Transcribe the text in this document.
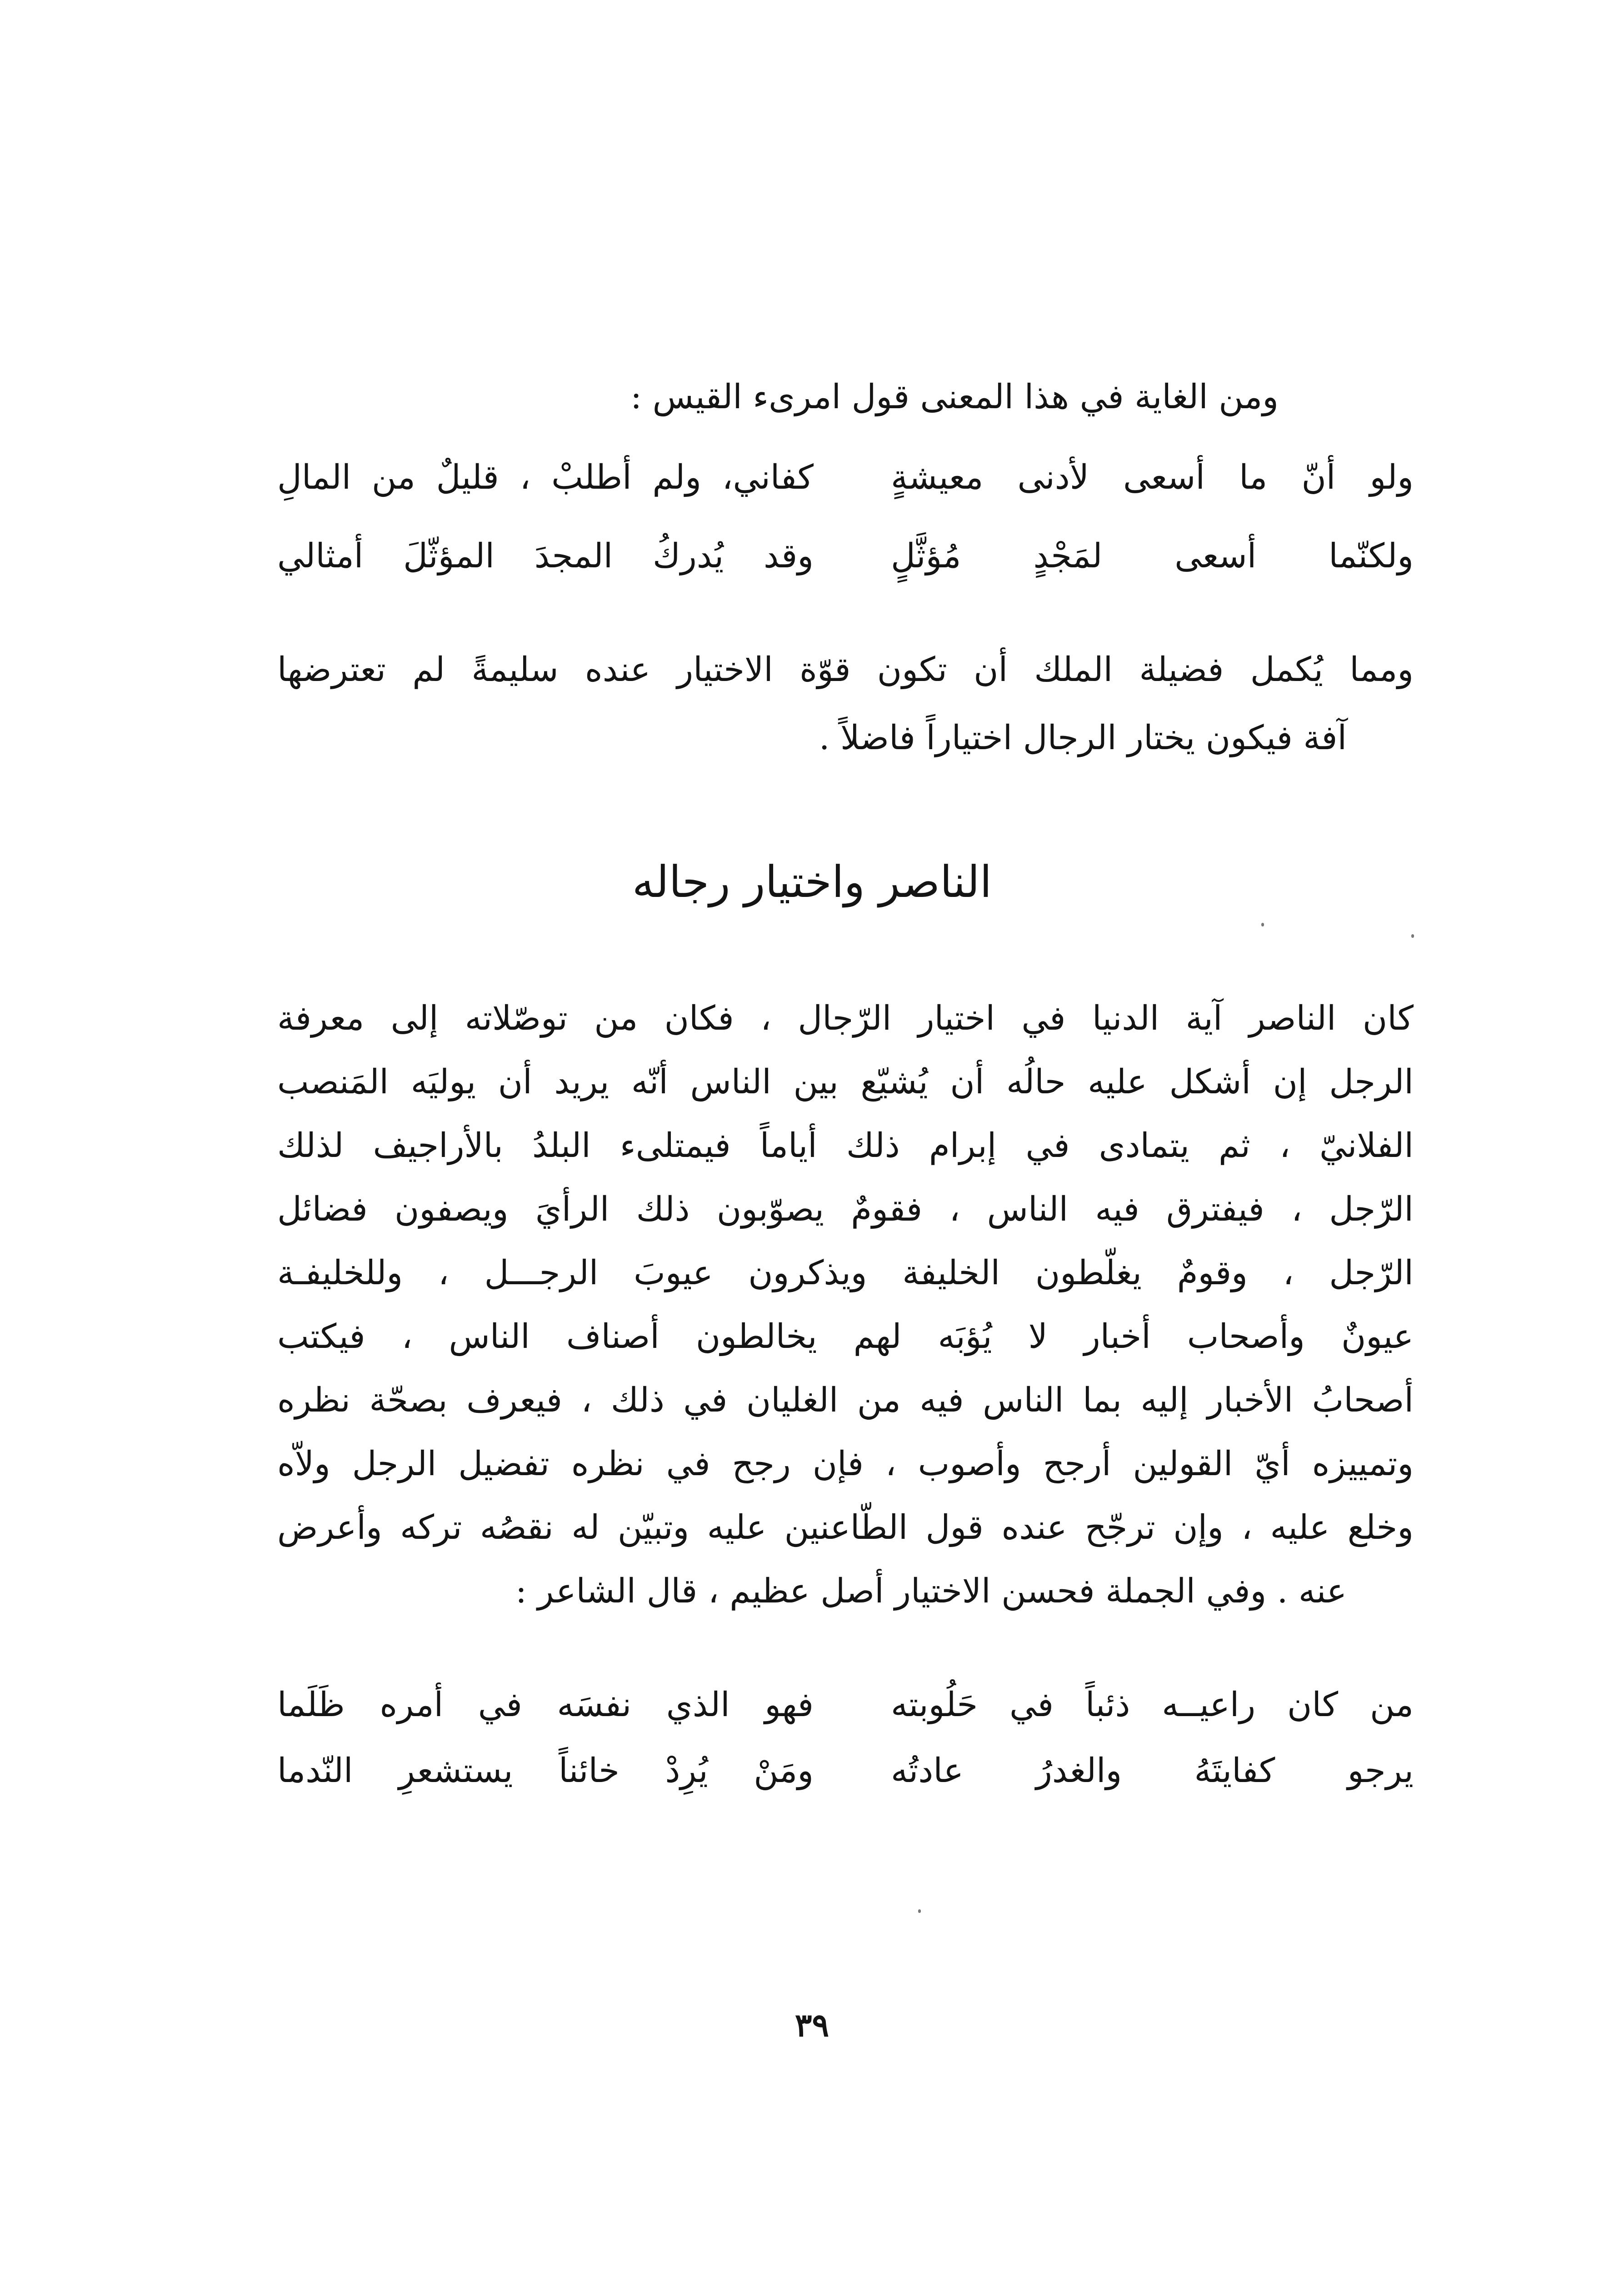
ومن الغاية في هذا المعنى قول امرىء القيس :

ولو أنّ ما أسعى لأدنى معيشةٍ
كفاني، ولم أطلبْ ، قليلٌ من المالِ
ولكنّما أسعى لمَجْدٍ مُؤثَّلٍ
وقد يُدركُ المجدَ المؤثّلَ أمثالي

ومما يُكمل فضيلة الملك أن تكون قوّة الاختيار عنده سليمةً لم تعترضها

آفة فيكون يختار الرجال اختياراً فاضلاً .

الناصر واختيار رجاله

كان الناصر آية الدنيا في اختيار الرّجال ، فكان من توصّلاته إلى معرفة

الرجل إن أشكل عليه حالُه أن يُشيّع بين الناس أنّه يريد أن يوليَه المَنصب

الفلانيّ ، ثم يتمادى في إبرام ذلك أياماً فيمتلىء البلدُ بالأراجيف لذلك

الرّجل ، فيفترق فيه الناس ، فقومٌ يصوّبون ذلك الرأيَ ويصفون فضائل

الرّجل ، وقومٌ يغلّطون الخليفة ويذكرون عيوبَ الرجـــل ، وللخليفـة

عيونٌ وأصحاب أخبار لا يُؤبَه لهم يخالطون أصناف الناس ، فيكتب

أصحابُ الأخبار إليه بما الناس فيه من الغليان في ذلك ، فيعرف بصحّة نظره

وتمييزه أيّ القولين أرجح وأصوب ، فإن رجح في نظره تفضيل الرجل ولاّه

وخلع عليه ، وإن ترجّح عنده قول الطّاعنين عليه وتبيّن له نقصُه تركه وأعرض

عنه . وفي الجملة فحسن الاختيار أصل عظيم ، قال الشاعر :

من كان راعيــه ذئباً في حَلُوبته
فهو الذي نفسَه في أمره ظَلَما
يرجو كفايتَهُ والغدرُ عادتُه
ومَنْ يُرِدْ خائناً يستشعرِ النّدما
٣٩
